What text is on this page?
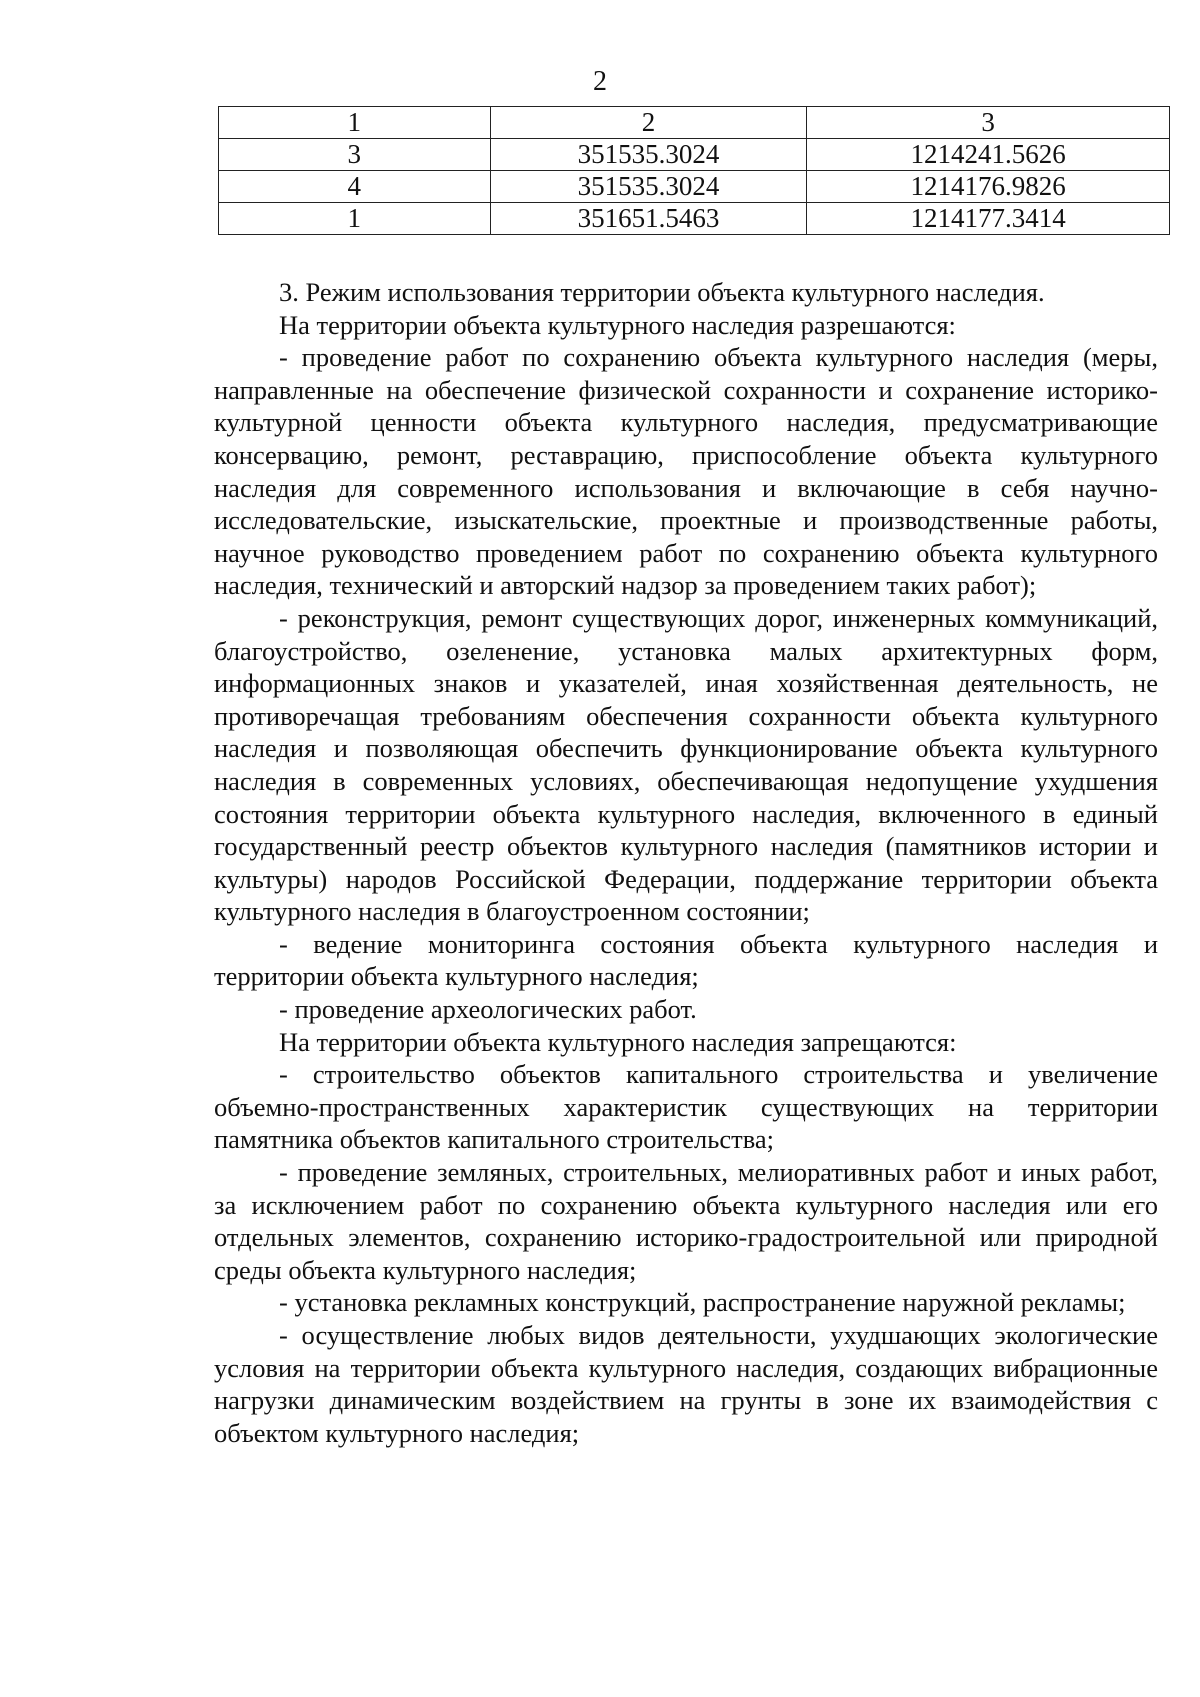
2
1	2	3
3	351535.3024	1214241.5626
4	351535.3024	1214176.9826
1	351651.5463	1214177.3414

3. Режим использования территории объекта культурного наследия.

На территории объекта культурного наследия разрешаются:

- проведение работ по сохранению объекта культурного наследия (меры, направленные на обеспечение физической сохранности и сохранение историко-культурной ценности объекта культурного наследия, предусматривающие консервацию, ремонт, реставрацию, приспособление объекта культурного наследия для современного использования и включающие в себя научно-исследовательские, изыскательские, проектные и производственные работы, научное руководство проведением работ по сохранению объекта культурного наследия, технический и авторский надзор за проведением таких работ);

- реконструкция, ремонт существующих дорог, инженерных коммуникаций, благоустройство, озеленение, установка малых архитектурных форм, информационных знаков и указателей, иная хозяйственная деятельность, не противоречащая требованиям обеспечения сохранности объекта культурного наследия и позволяющая обеспечить функционирование объекта культурного наследия в современных условиях, обеспечивающая недопущение ухудшения состояния территории объекта культурного наследия, включенного в единый государственный реестр объектов культурного наследия (памятников истории и культуры) народов Российской Федерации, поддержание территории объекта культурного наследия в благоустроенном состоянии;

- ведение мониторинга состояния объекта культурного наследия и территории объекта культурного наследия;

- проведение археологических работ.

На территории объекта культурного наследия запрещаются:

- строительство объектов капитального строительства и увеличение объемно-пространственных характеристик существующих на территории памятника объектов капитального строительства;

- проведение земляных, строительных, мелиоративных работ и иных работ, за исключением работ по сохранению объекта культурного наследия или его отдельных элементов, сохранению историко-градостроительной или природной среды объекта культурного наследия;

- установка рекламных конструкций, распространение наружной рекламы;

- осуществление любых видов деятельности, ухудшающих экологические условия на территории объекта культурного наследия, создающих вибрационные нагрузки динамическим воздействием на грунты в зоне их взаимодействия с объектом культурного наследия;
